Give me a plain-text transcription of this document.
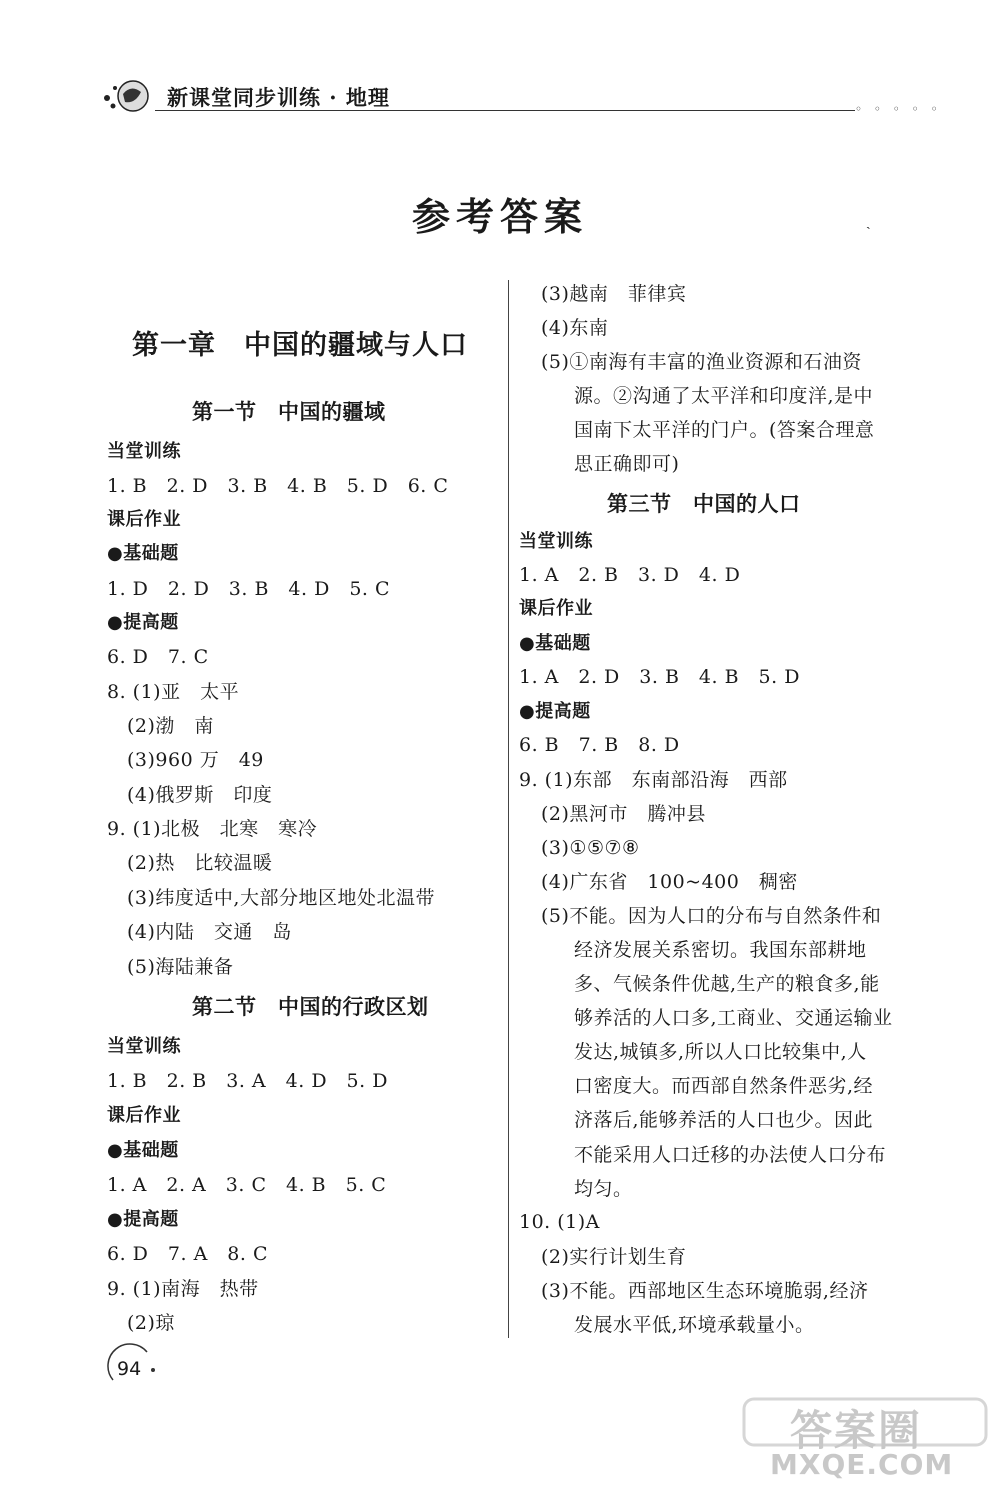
新课堂同步训练 · 地理	◦ ◦ ◦ ◦ ◦
参考答案	ˏ
第一章　中国的疆域与人口
第一节　中国的疆域
当堂训练
1. B　2. D　3. B　4. B　5. D　6. C
课后作业
●基础题
1. D　2. D　3. B　4. D　5. C
●提高题
6. D　7. C
8. (1)亚　太平
(2)渤　南
(3)960 万　49
(4)俄罗斯　印度
9. (1)北极　北寒　寒冷
(2)热　比较温暖
(3)纬度适中,大部分地区地处北温带
(4)内陆　交通　岛
(5)海陆兼备
第二节　中国的行政区划
当堂训练
1. B　2. B　3. A　4. D　5. D
课后作业
●基础题
1. A　2. A　3. C　4. B　5. C
●提高题
6. D　7. A　8. C
9. (1)南海　热带
(2)琼
(3)越南　菲律宾
(4)东南
(5)①南海有丰富的渔业资源和石油资
源。②沟通了太平洋和印度洋,是中
国南下太平洋的门户。(答案合理意
思正确即可)
第三节　中国的人口
当堂训练
1. A　2. B　3. D　4. D
课后作业
●基础题
1. A　2. D　3. B　4. B　5. D
●提高题
6. B　7. B　8. D
9. (1)东部　东南部沿海　西部
(2)黑河市　腾冲县
(3)①⑤⑦⑧
(4)广东省　100~400　稠密
(5)不能。因为人口的分布与自然条件和
经济发展关系密切。我国东部耕地
多、气候条件优越,生产的粮食多,能
够养活的人口多,工商业、交通运输业
发达,城镇多,所以人口比较集中,人
口密度大。而西部自然条件恶劣,经
济落后,能够养活的人口也少。因此
不能采用人口迁移的办法使人口分布
均匀。
10. (1)A
(2)实行计划生育
(3)不能。西部地区生态环境脆弱,经济
发展水平低,环境承载量小。
94
答案圈
MXQE.COM
